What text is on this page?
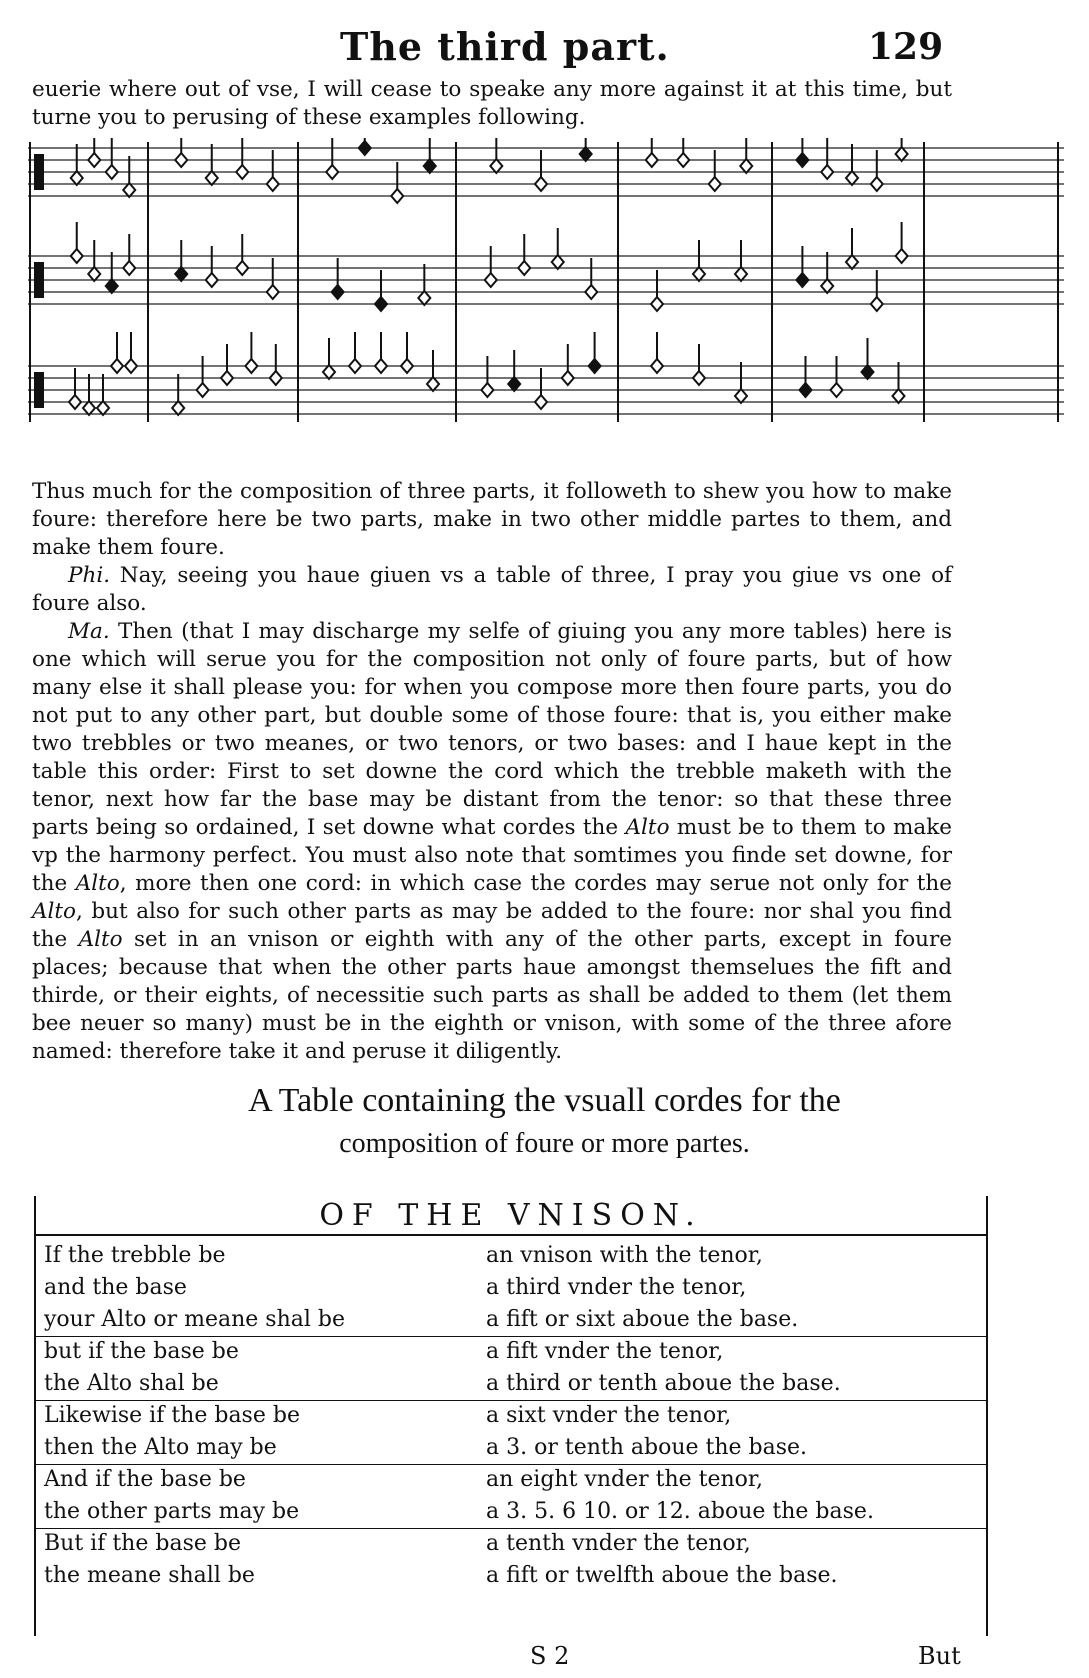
The third part.	129
euerie where out of vse, I will cease to speake any more against it at this time, but turne you to perusing of these examples following.
Thus much for the composition of three parts, it followeth to shew you how to make foure: therefore here be two parts, make in two other middle partes to them, and make them foure.
Phi. Nay, seeing you haue giuen vs a table of three, I pray you giue vs one of foure also.
Ma. Then (that I may discharge my selfe of giuing you any more tables) here is one which will serue you for the composition not only of foure parts, but of how many else it shall please you: for when you compose more then foure parts, you do not put to any other part, but double some of those foure: that is, you either make two trebbles or two meanes, or two tenors, or two bases: and I haue kept in the table this order: First to set downe the cord which the trebble maketh with the tenor, next how far the base may be distant from the tenor: so that these three parts being so ordained, I set downe what cordes the Alto must be to them to make vp the harmony perfect. You must also note that somtimes you finde set downe, for the Alto, more then one cord: in which case the cordes may serue not only for the Alto, but also for such other parts as may be added to the foure: nor shal you find the Alto set in an vnison or eighth with any of the other parts, except in foure places; because that when the other parts haue amongst themselues the fift and thirde, or their eights, of necessitie such parts as shall be added to them (let them bee neuer so many) must be in the eighth or vnison, with some of the three afore named: therefore take it and peruse it diligently.
A Table containing the vsuall cordes for the
composition of foure or more partes.
OF THE VNISON.
If the trebble be	an vnison with the tenor,
and the base	a third vnder the tenor,
your Alto or meane shal be	a fift or sixt aboue the base.
but if the base be	a fift vnder the tenor,
the Alto shal be	a third or tenth aboue the base.
Likewise if the base be	a sixt vnder the tenor,
then the Alto may be	a 3. or tenth aboue the base.
And if the base be	an eight vnder the tenor,
the other parts may be	a 3. 5. 6 10. or 12. aboue the base.
But if the base be	a tenth vnder the tenor,
the meane shall be	a fift or twelfth aboue the base.
S 2	But
